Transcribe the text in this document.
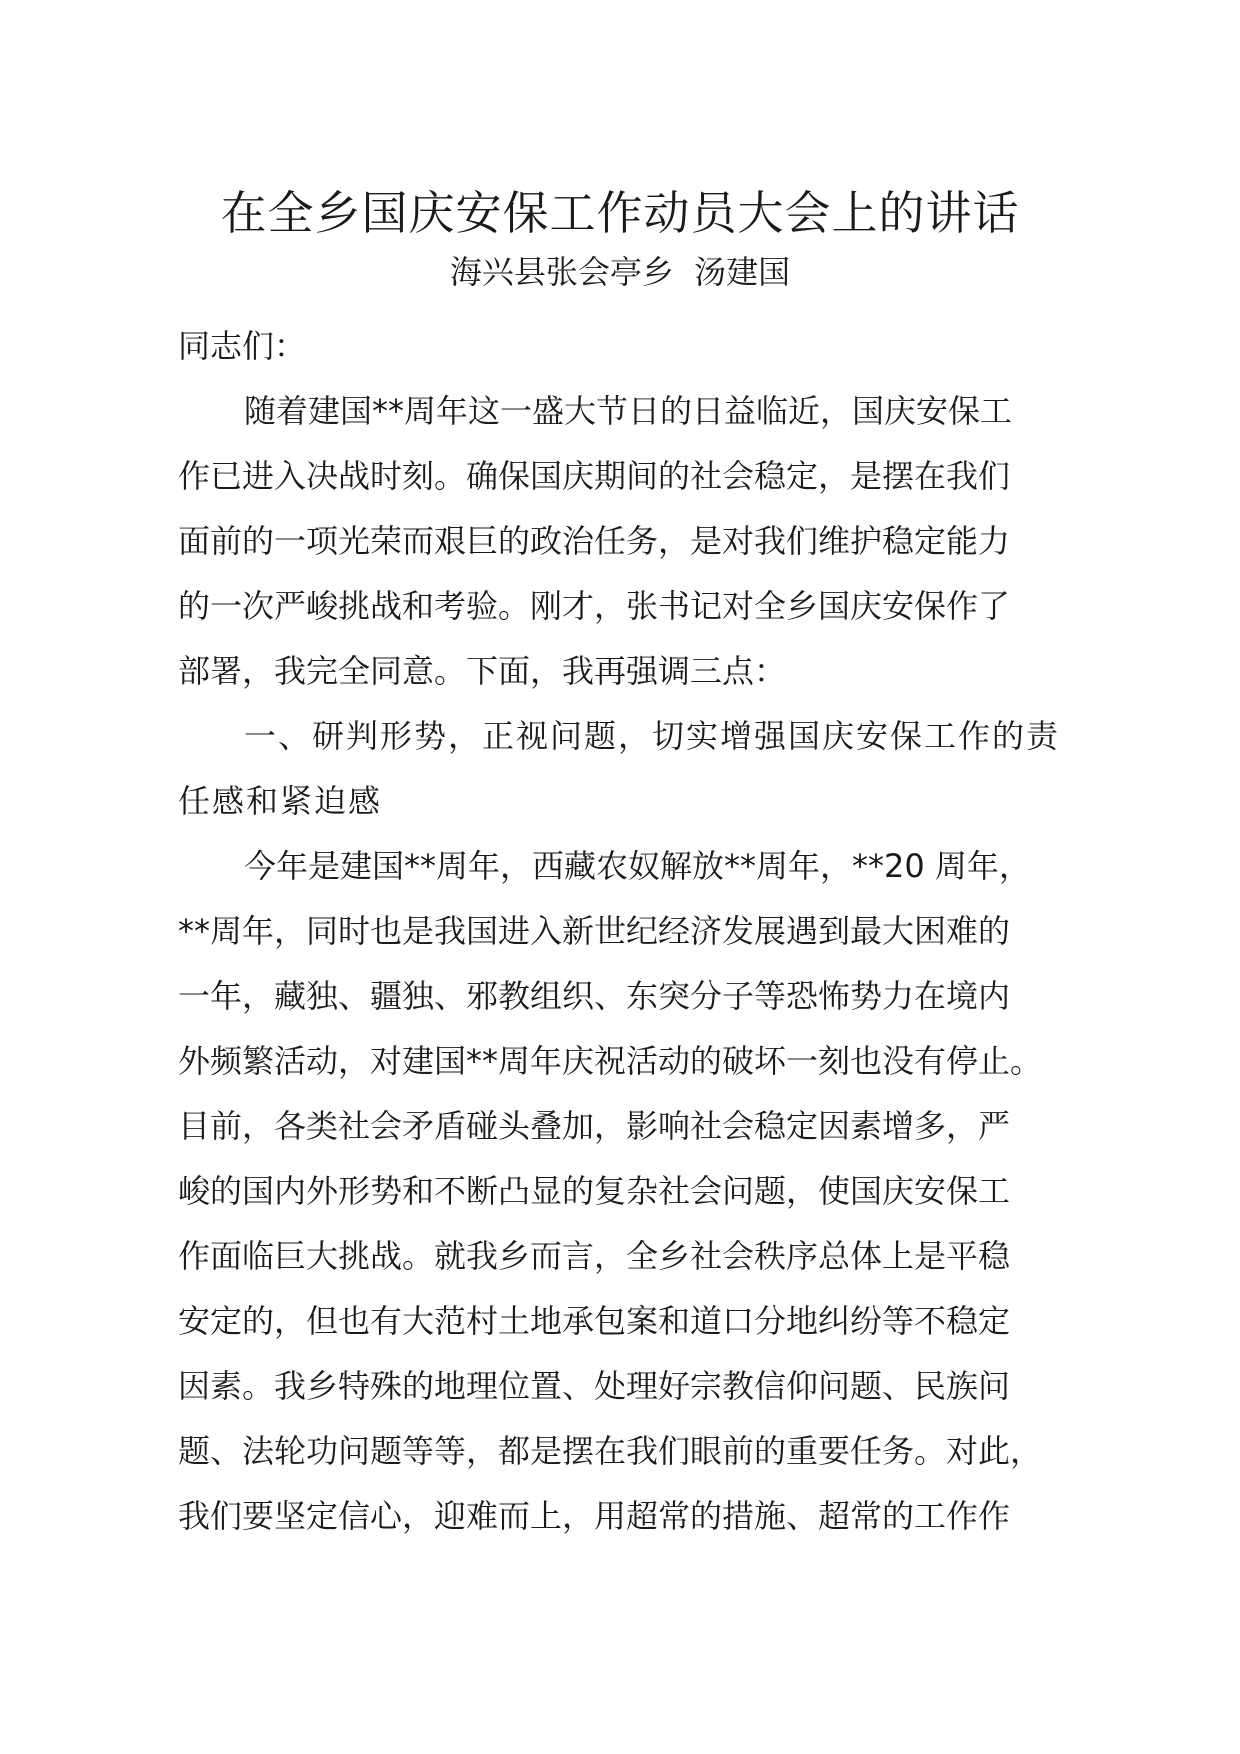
在全乡国庆安保工作动员大会上的讲话
海兴县张会亭乡  汤建国
同志们：
随着建国**周年这一盛大节日的日益临近，国庆安保工
作已进入决战时刻。确保国庆期间的社会稳定，是摆在我们
面前的一项光荣而艰巨的政治任务，是对我们维护稳定能力
的一次严峻挑战和考验。刚才，张书记对全乡国庆安保作了
部署，我完全同意。下面，我再强调三点：
一、研判形势，正视问题，切实增强国庆安保工作的责
任感和紧迫感
今年是建国**周年，西藏农奴解放**周年，**20 周年，
**周年，同时也是我国进入新世纪经济发展遇到最大困难的
一年，藏独、疆独、邪教组织、东突分子等恐怖势力在境内
外频繁活动，对建国**周年庆祝活动的破坏一刻也没有停止。
目前，各类社会矛盾碰头叠加，影响社会稳定因素增多，严
峻的国内外形势和不断凸显的复杂社会问题，使国庆安保工
作面临巨大挑战。就我乡而言，全乡社会秩序总体上是平稳
安定的，但也有大范村土地承包案和道口分地纠纷等不稳定
因素。我乡特殊的地理位置、处理好宗教信仰问题、民族问
题、法轮功问题等等，都是摆在我们眼前的重要任务。对此，
我们要坚定信心，迎难而上，用超常的措施、超常的工作作
